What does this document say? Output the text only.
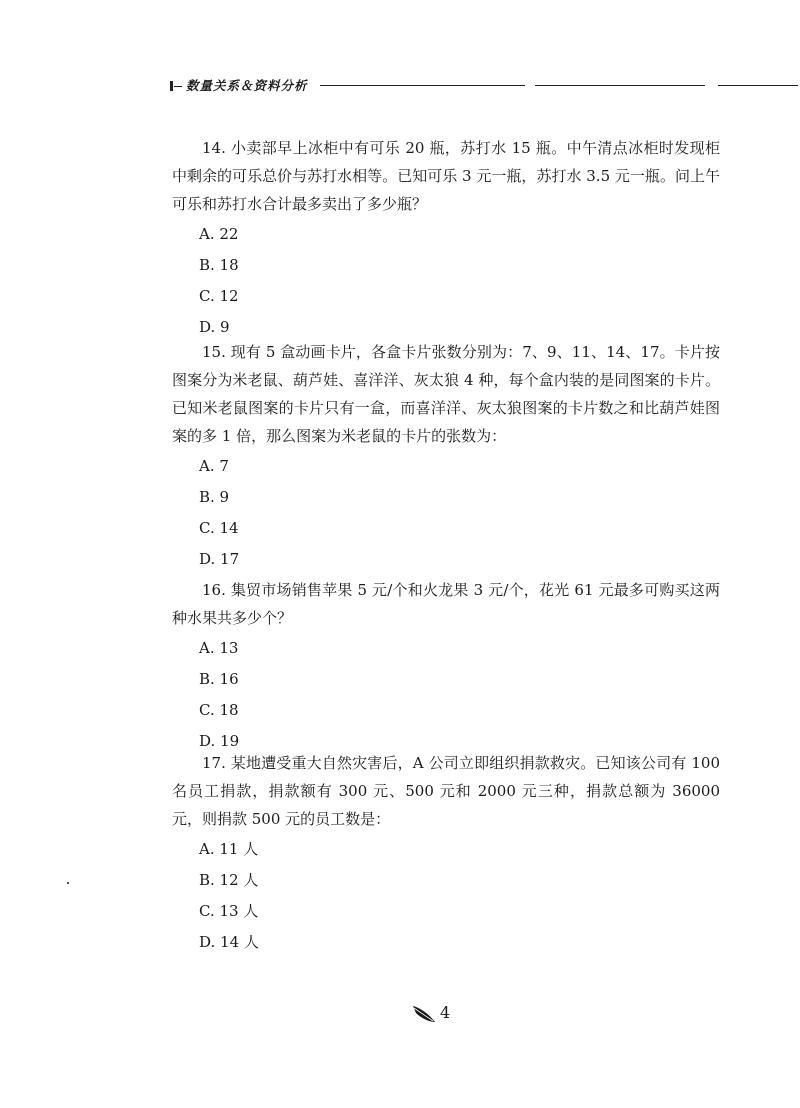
数量关系＆资料分析

14. 小卖部早上冰柜中有可乐 20 瓶，苏打水 15 瓶。中午清点冰柜时发现柜中剩余的可乐总价与苏打水相等。已知可乐 3 元一瓶，苏打水 3.5 元一瓶。问上午可乐和苏打水合计最多卖出了多少瓶？

A. 22

B. 18

C. 12

D. 9

15. 现有 5 盒动画卡片，各盒卡片张数分别为：7、9、11、14、17。卡片按图案分为米老鼠、葫芦娃、喜洋洋、灰太狼 4 种，每个盒内装的是同图案的卡片。已知米老鼠图案的卡片只有一盒，而喜洋洋、灰太狼图案的卡片数之和比葫芦娃图案的多 1 倍，那么图案为米老鼠的卡片的张数为：

A. 7

B. 9

C. 14

D. 17

16. 集贸市场销售苹果 5 元/个和火龙果 3 元/个，花光 61 元最多可购买这两种水果共多少个？

A. 13

B. 16

C. 18

D. 19

17. 某地遭受重大自然灾害后，A 公司立即组织捐款救灾。已知该公司有 100 名员工捐款，捐款额有 300 元、500 元和 2000 元三种，捐款总额为 36000 元，则捐款 500 元的员工数是：

A. 11 人

B. 12 人

C. 13 人

D. 14 人

4
